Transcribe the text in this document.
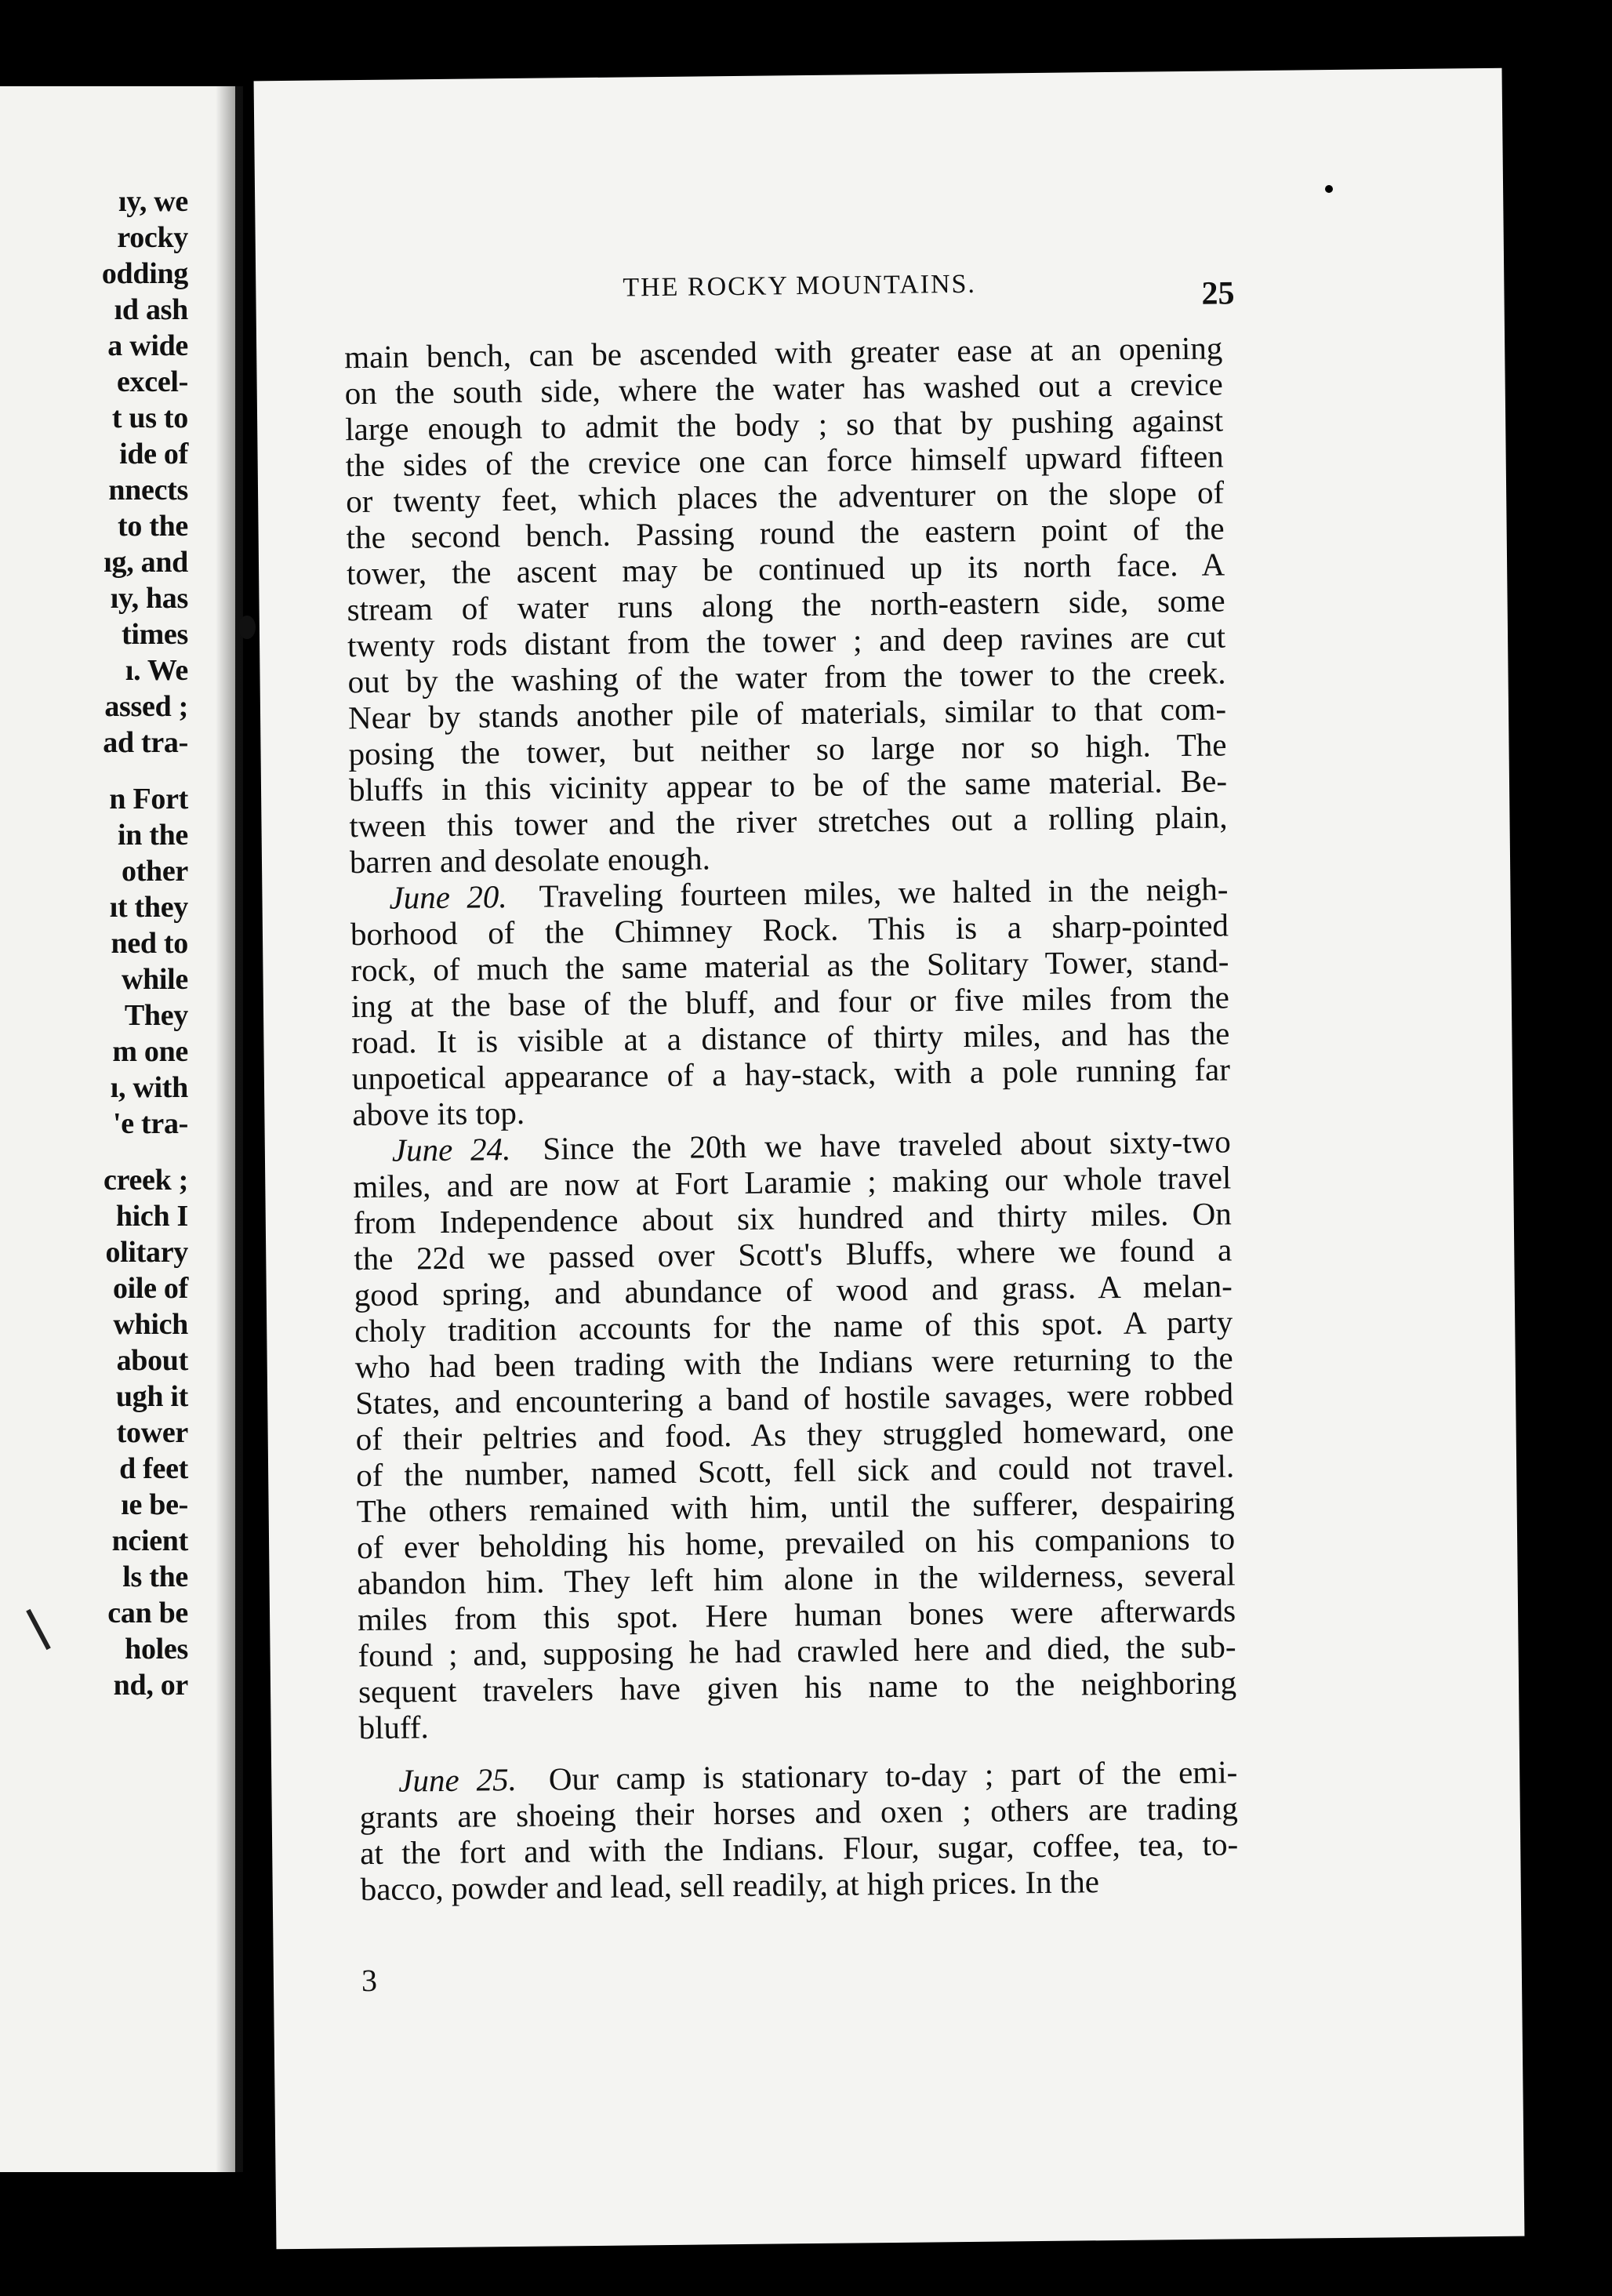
ıy, we
rocky
odding
ıd ash
a wide
excel-
t us to
ide of
nnects
to the
ıg, and
ıy, has
times
ı. We
assed ;
ad tra-
n Fort
in the
other
ıt they
ned to
while
They
m one
ı, with
'e tra-
creek ;
hich I
olitary
oile of
which
about
ugh it
tower
d feet
ıe be-
ncient
ls the
can be
holes
nd, or
THE ROCKY MOUNTAINS.	25
main bench, can be ascended with greater ease at an opening
on the south side, where the water has washed out a crevice
large enough to admit the body ; so that by pushing against
the sides of the crevice one can force himself upward fifteen
or twenty feet, which places the adventurer on the slope of
the second bench. Passing round the eastern point of the
tower, the ascent may be continued up its north face. A
stream of water runs along the north-eastern side, some
twenty rods distant from the tower ; and deep ravines are cut
out by the washing of the water from the tower to the creek.
Near by stands another pile of materials, similar to that com-
posing the tower, but neither so large nor so high. The
bluffs in this vicinity appear to be of the same material. Be-
tween this tower and the river stretches out a rolling plain,
barren and desolate enough.
June 20.  Traveling fourteen miles, we halted in the neigh-
borhood of the Chimney Rock. This is a sharp-pointed
rock, of much the same material as the Solitary Tower, stand-
ing at the base of the bluff, and four or five miles from the
road. It is visible at a distance of thirty miles, and has the
unpoetical appearance of a hay-stack, with a pole running far
above its top.
June 24.  Since the 20th we have traveled about sixty-two
miles, and are now at Fort Laramie ; making our whole travel
from Independence about six hundred and thirty miles. On
the 22d we passed over Scott's Bluffs, where we found a
good spring, and abundance of wood and grass. A melan-
choly tradition accounts for the name of this spot. A party
who had been trading with the Indians were returning to the
States, and encountering a band of hostile savages, were robbed
of their peltries and food. As they struggled homeward, one
of the number, named Scott, fell sick and could not travel.
The others remained with him, until the sufferer, despairing
of ever beholding his home, prevailed on his companions to
abandon him. They left him alone in the wilderness, several
miles from this spot. Here human bones were afterwards
found ; and, supposing he had crawled here and died, the sub-
sequent travelers have given his name to the neighboring
bluff.
June 25.  Our camp is stationary to-day ; part of the emi-
grants are shoeing their horses and oxen ; others are trading
at the fort and with the Indians. Flour, sugar, coffee, tea, to-
bacco, powder and lead, sell readily, at high prices. In the
3
